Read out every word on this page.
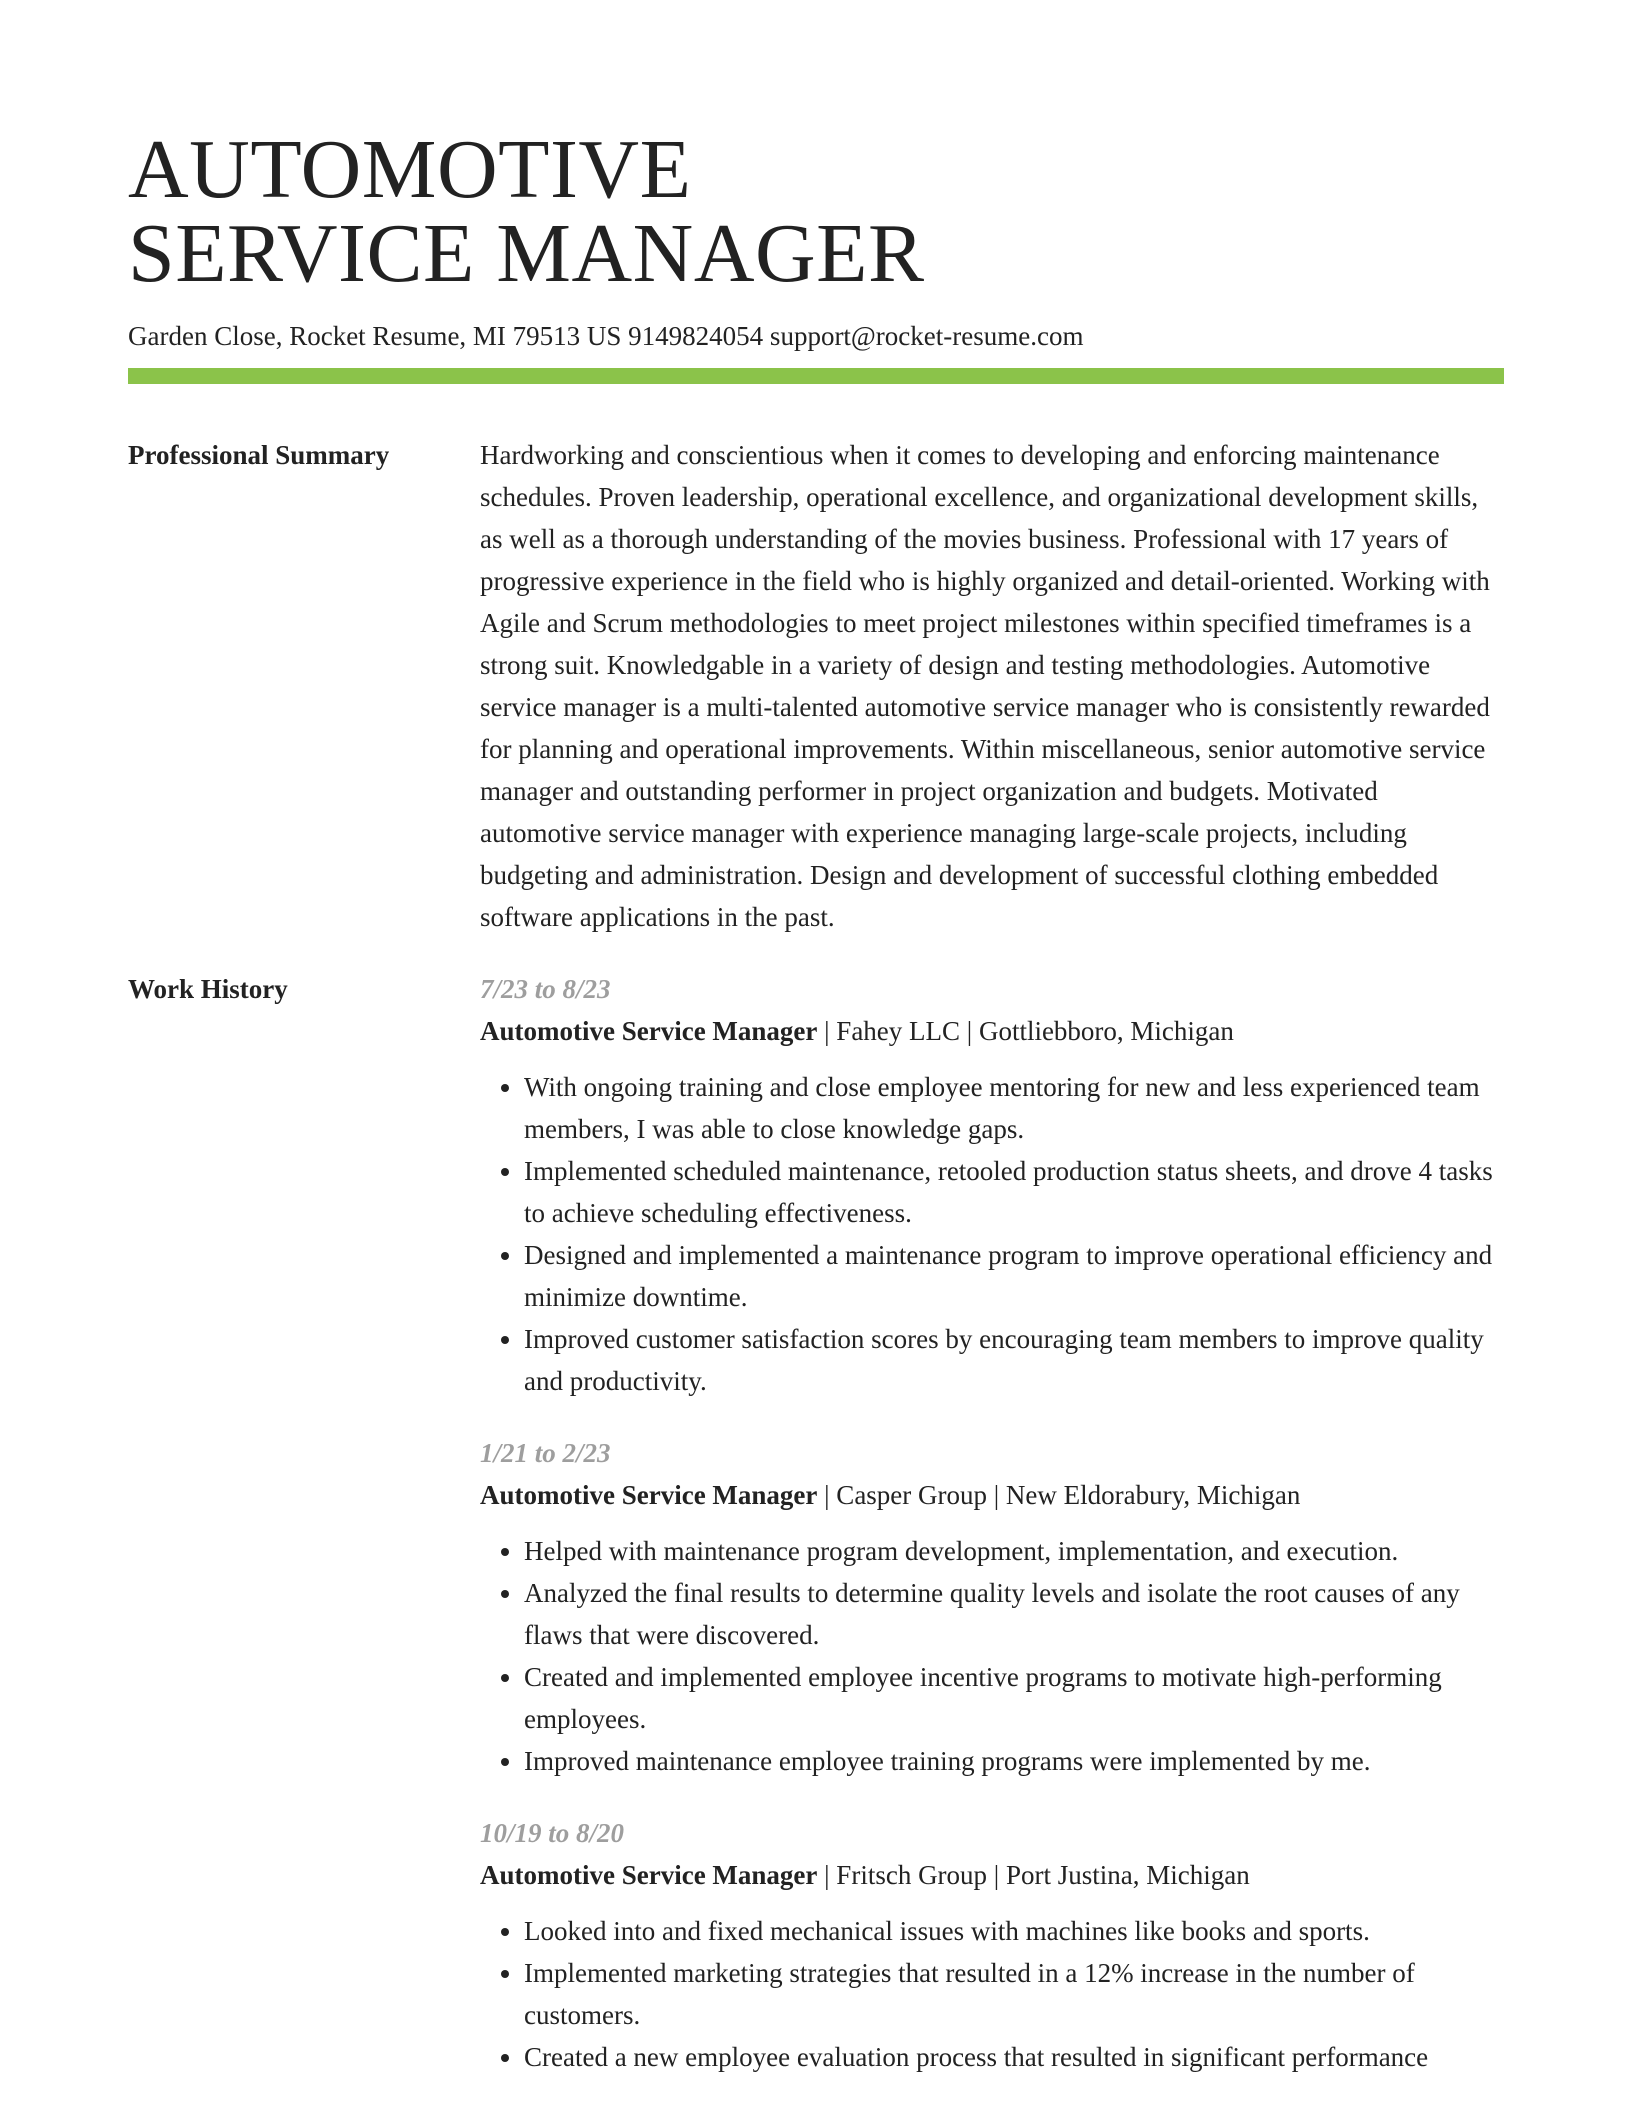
AUTOMOTIVE
SERVICE MANAGER
Garden Close, Rocket Resume, MI 79513 US 9149824054 support@rocket-resume.com
Professional Summary	Hardworking and conscientious when it comes to developing and enforcing maintenance schedules. Proven leadership, operational excellence, and organizational development skills, as well as a thorough understanding of the movies business. Professional with 17 years of progressive experience in the field who is highly organized and detail-oriented. Working with Agile and Scrum methodologies to meet project milestones within specified timeframes is a strong suit. Knowledgable in a variety of design and testing methodologies. Automotive service manager is a multi-talented automotive service manager who is consistently rewarded for planning and operational improvements. Within miscellaneous, senior automotive service manager and outstanding performer in project organization and budgets. Motivated automotive service manager with experience managing large-scale projects, including budgeting and administration. Design and development of successful clothing embedded software applications in the past.

Work History	7/23 to 8/23
Automotive Service Manager | Fahey LLC | Gottliebboro, Michigan
• With ongoing training and close employee mentoring for new and less experienced team members, I was able to close knowledge gaps.
• Implemented scheduled maintenance, retooled production status sheets, and drove 4 tasks to achieve scheduling effectiveness.
• Designed and implemented a maintenance program to improve operational efficiency and minimize downtime.
• Improved customer satisfaction scores by encouraging team members to improve quality and productivity.
1/21 to 2/23
Automotive Service Manager | Casper Group | New Eldorabury, Michigan
• Helped with maintenance program development, implementation, and execution.
• Analyzed the final results to determine quality levels and isolate the root causes of any flaws that were discovered.
• Created and implemented employee incentive programs to motivate high-performing employees.
• Improved maintenance employee training programs were implemented by me.
10/19 to 8/20
Automotive Service Manager | Fritsch Group | Port Justina, Michigan
• Looked into and fixed mechanical issues with machines like books and sports.
• Implemented marketing strategies that resulted in a 12% increase in the number of customers.
• Created a new employee evaluation process that resulted in significant performance
